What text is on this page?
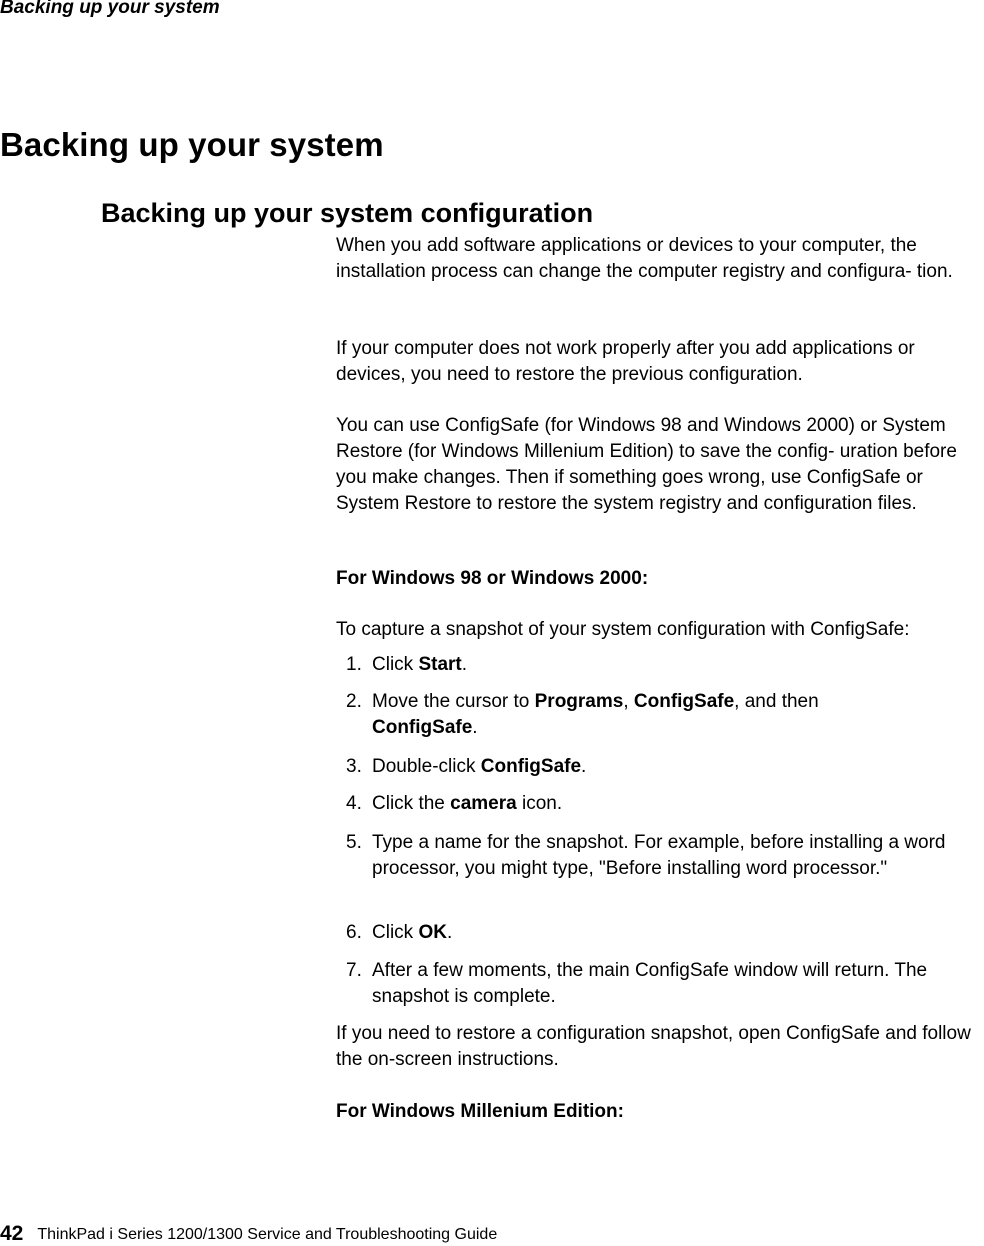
Backing up your system
Backing up your system
Backing up your system configuration

When you add software applications or devices to your computer, the installation process can change the computer registry and configura- tion.

If your computer does not work properly after you add applications or devices, you need to restore the previous configuration.

You can use ConfigSafe (for Windows 98 and Windows 2000) or System Restore (for Windows Millenium Edition) to save the config- uration before you make changes. Then if something goes wrong, use ConfigSafe or System Restore to restore the system registry and configuration files.

For Windows 98 or Windows 2000:

To capture a snapshot of your system configuration with ConfigSafe:

1. Click Start.
2. Move the cursor to Programs, ConfigSafe, and then
ConfigSafe.
3. Double-click ConfigSafe.
4. Click the camera icon.
5. Type a name for the snapshot. For example, before installing a word processor, you might type, "Before installing word processor."
6. Click OK.
7. After a few moments, the main ConfigSafe window will return. The snapshot is complete.

If you need to restore a configuration snapshot, open ConfigSafe and follow the on-screen instructions.

For Windows Millenium Edition:

42 ThinkPad i Series 1200/1300 Service and Troubleshooting Guide
